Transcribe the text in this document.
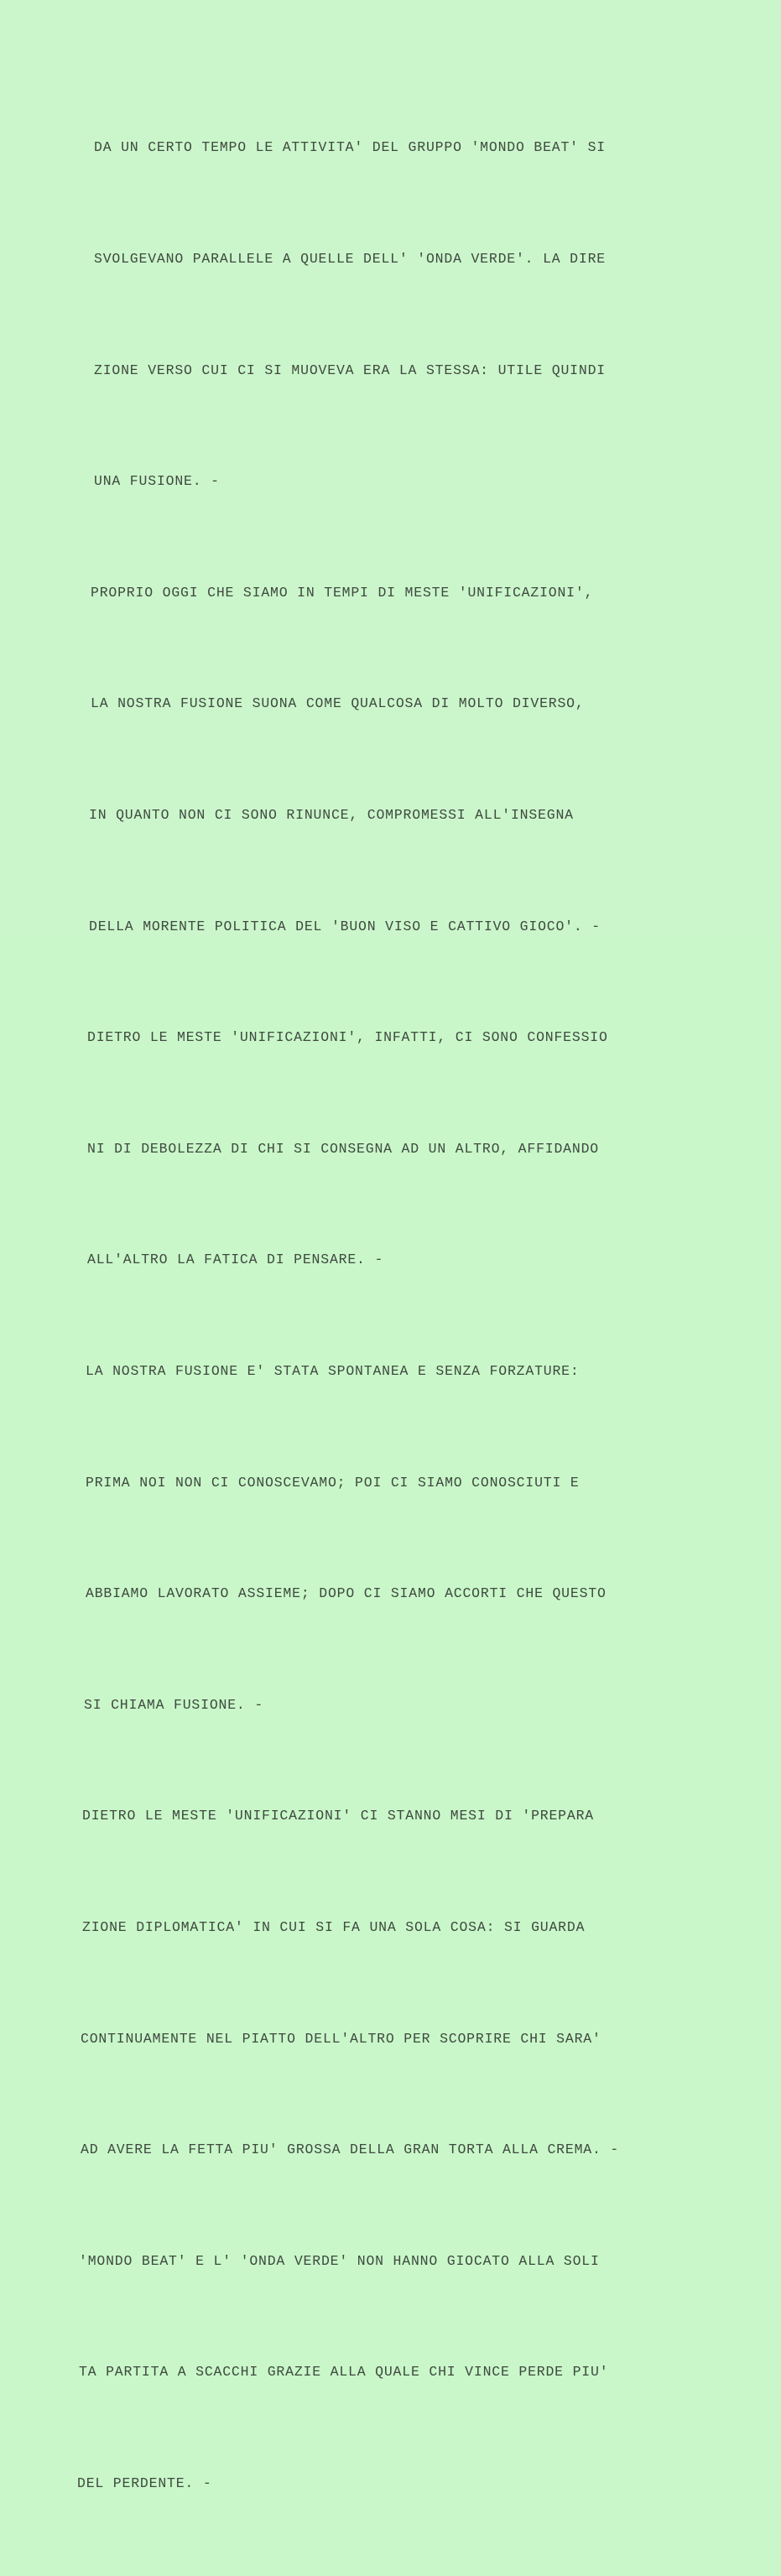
DA UN CERTO TEMPO LE ATTIVITA' DEL GRUPPO 'MONDO BEAT' SI

SVOLGEVANO PARALLELE A QUELLE DELL' 'ONDA VERDE'. LA DIRE

ZIONE VERSO CUI CI SI MUOVEVA ERA LA STESSA: UTILE QUINDI

UNA FUSIONE. -

PROPRIO OGGI CHE SIAMO IN TEMPI DI MESTE 'UNIFICAZIONI',

LA NOSTRA FUSIONE SUONA COME QUALCOSA DI MOLTO DIVERSO,

IN QUANTO NON CI SONO RINUNCE, COMPROMESSI ALL'INSEGNA

DELLA MORENTE POLITICA DEL 'BUON VISO E CATTIVO GIOCO'. -

DIETRO LE MESTE 'UNIFICAZIONI', INFATTI, CI SONO CONFESSIO

NI DI DEBOLEZZA DI CHI SI CONSEGNA AD UN ALTRO, AFFIDANDO

ALL'ALTRO LA FATICA DI PENSARE. -

LA NOSTRA FUSIONE E' STATA SPONTANEA E SENZA FORZATURE:

PRIMA NOI NON CI CONOSCEVAMO; POI CI SIAMO CONOSCIUTI E

ABBIAMO LAVORATO ASSIEME; DOPO CI SIAMO ACCORTI CHE QUESTO

SI CHIAMA FUSIONE. -

DIETRO LE MESTE 'UNIFICAZIONI' CI STANNO MESI DI 'PREPARA

ZIONE DIPLOMATICA' IN CUI SI FA UNA SOLA COSA: SI GUARDA

CONTINUAMENTE NEL PIATTO DELL'ALTRO PER SCOPRIRE CHI SARA'

AD AVERE LA FETTA PIU' GROSSA DELLA GRAN TORTA ALLA CREMA. -

'MONDO BEAT' E L' 'ONDA VERDE' NON HANNO GIOCATO ALLA SOLI

TA PARTITA A SCACCHI GRAZIE ALLA QUALE CHI VINCE PERDE PIU'

DEL PERDENTE. -
